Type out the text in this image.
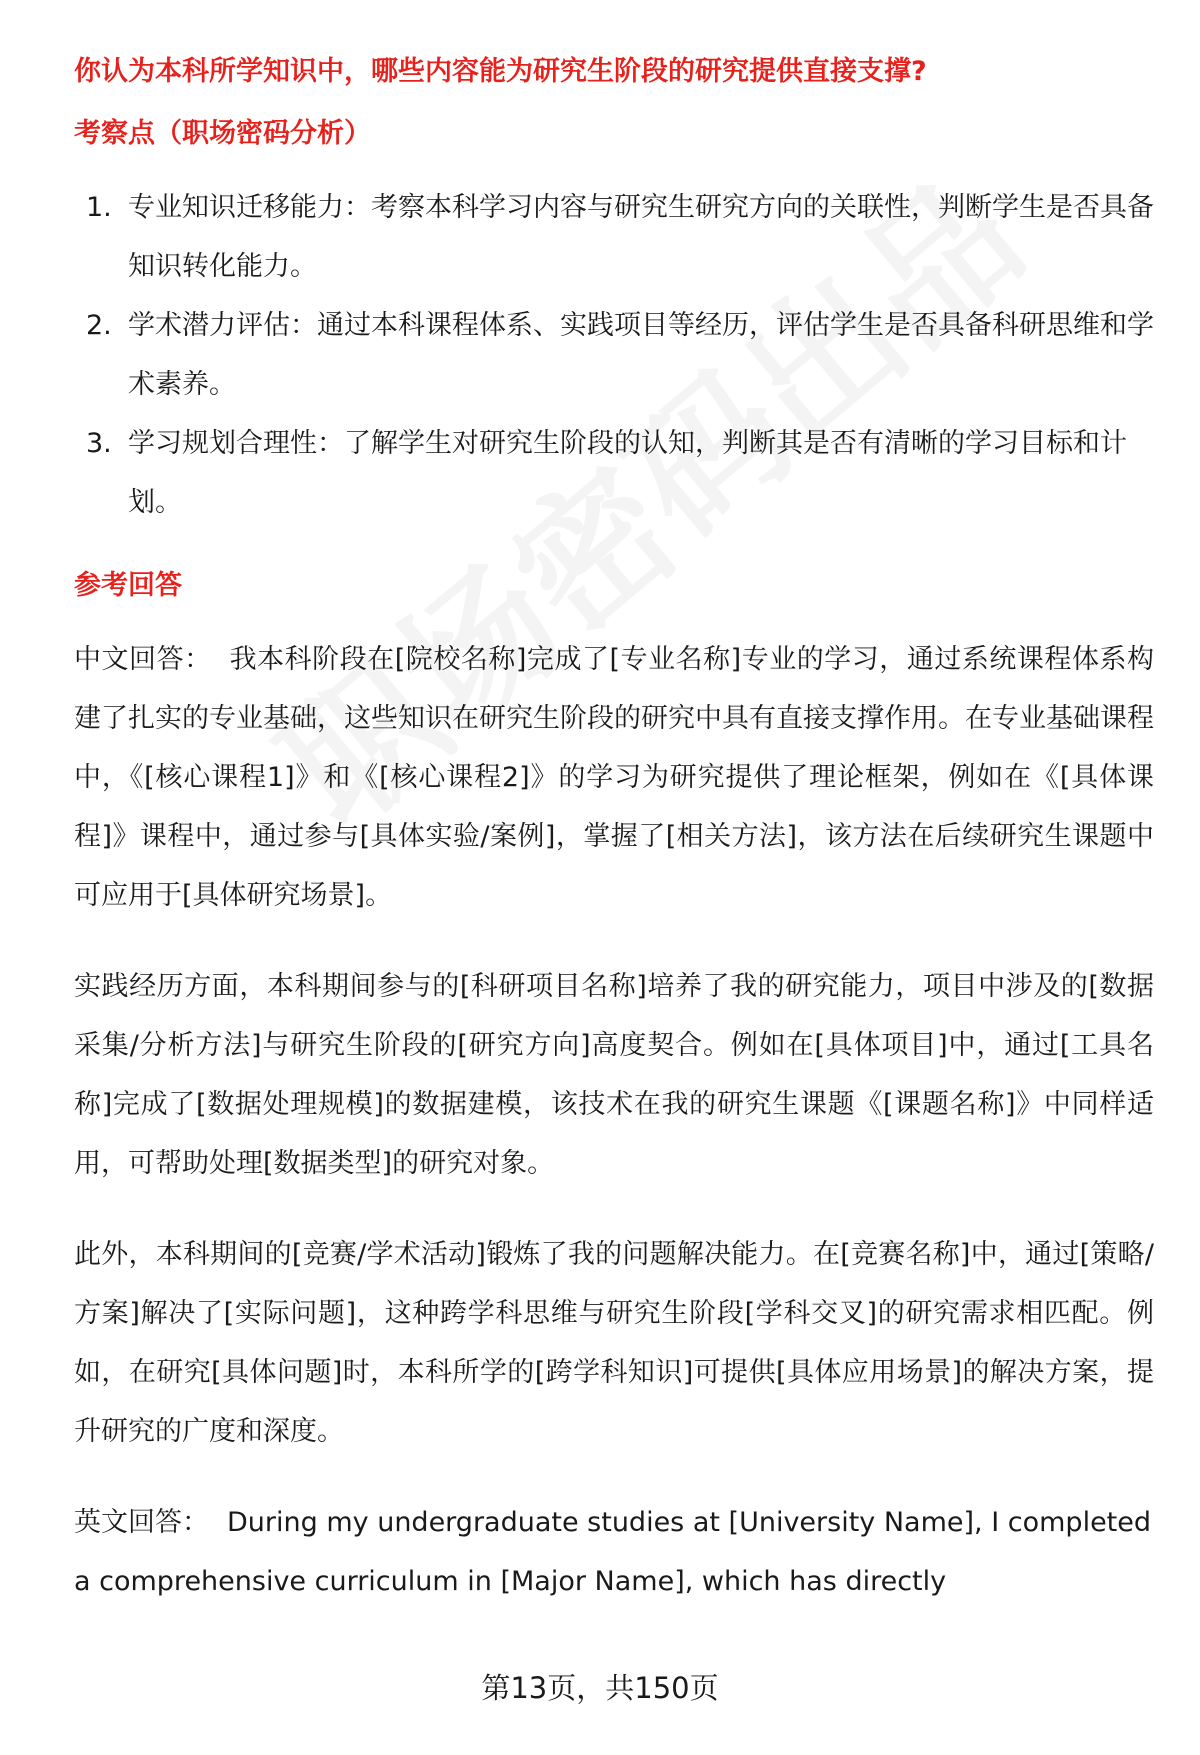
你认为本科所学知识中，哪些内容能为研究生阶段的研究提供直接支撑?
考察点（职场密码分析）
1. 专业知识迁移能力：考察本科学习内容与研究生研究方向的关联性，判断学生是否具备知识转化能力。
2. 学术潜力评估：通过本科课程体系、实践项目等经历，评估学生是否具备科研思维和学术素养。
3. 学习规划合理性：了解学生对研究生阶段的认知，判断其是否有清晰的学习目标和计划。
参考回答

中文回答： 我本科阶段在[院校名称]完成了[专业名称]专业的学习，通过系统课程体系构建了扎实的专业基础，这些知识在研究生阶段的研究中具有直接支撑作用。在专业基础课程中，《[核心课程1]》和《[核心课程2]》的学习为研究提供了理论框架，例如在《[具体课程]》课程中，通过参与[具体实验/案例]，掌握了[相关方法]，该方法在后续研究生课题中可应用于[具体研究场景]。

实践经历方面，本科期间参与的[科研项目名称]培养了我的研究能力，项目中涉及的[数据采集/分析方法]与研究生阶段的[研究方向]高度契合。例如在[具体项目]中，通过[工具名称]完成了[数据处理规模]的数据建模，该技术在我的研究生课题《[课题名称]》中同样适用，可帮助处理[数据类型]的研究对象。

此外，本科期间的[竞赛/学术活动]锻炼了我的问题解决能力。在[竞赛名称]中，通过[策略/方案]解决了[实际问题]，这种跨学科思维与研究生阶段[学科交叉]的研究需求相匹配。例如，在研究[具体问题]时，本科所学的[跨学科知识]可提供[具体应用场景]的解决方案，提升研究的广度和深度。

英文回答： During my undergraduate studies at [University Name], I completed a comprehensive curriculum in [Major Name], which has directly

第13页，共150页
